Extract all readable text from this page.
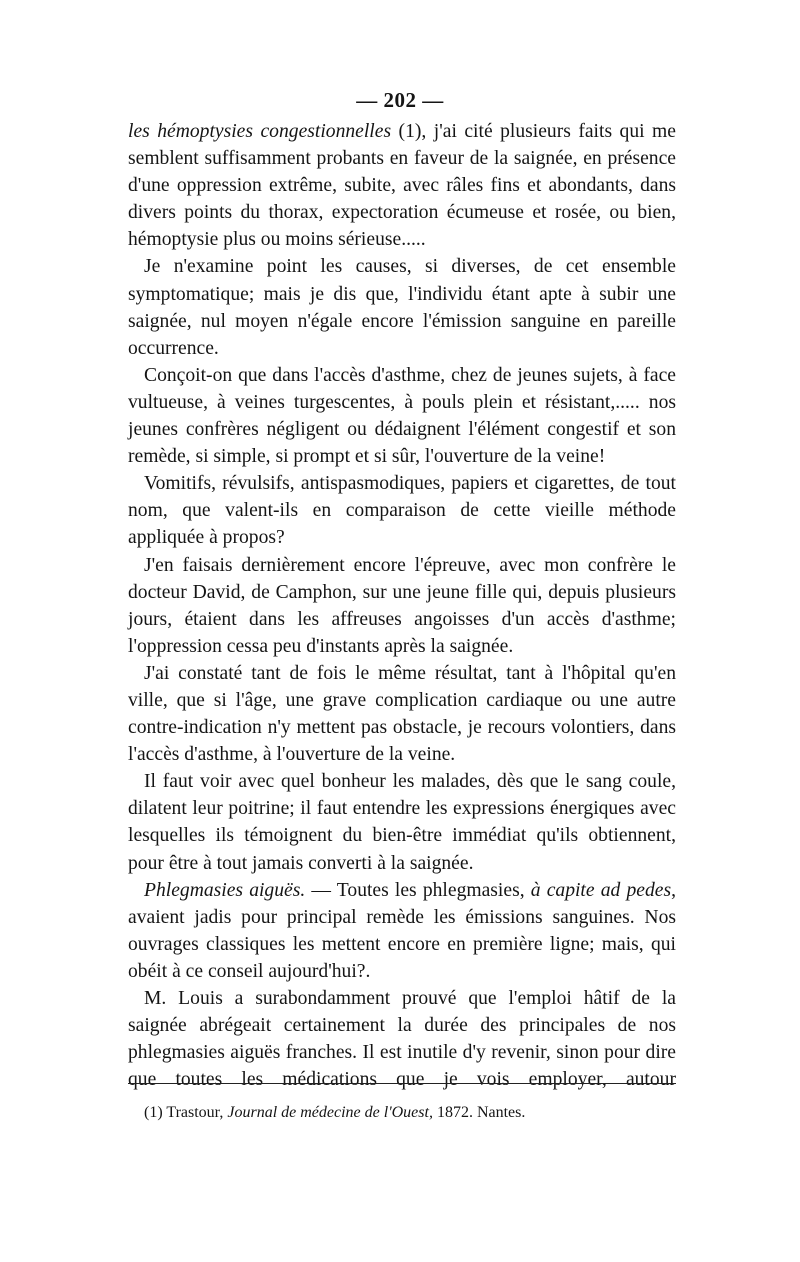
— 202 —

les hémoptysies congestionnelles (1), j'ai cité plusieurs faits qui me semblent suffisamment probants en faveur de la saignée, en présence d'une oppression extrême, subite, avec râles fins et abondants, dans divers points du thorax, expectoration écumeuse et rosée, ou bien, hémoptysie plus ou moins sérieuse.....

Je n'examine point les causes, si diverses, de cet ensemble symptomatique; mais je dis que, l'individu étant apte à subir une saignée, nul moyen n'égale encore l'émission sanguine en pareille occurrence.

Conçoit-on que dans l'accès d'asthme, chez de jeunes sujets, à face vultueuse, à veines turgescentes, à pouls plein et résistant,..... nos jeunes confrères négligent ou dédaignent l'élément congestif et son remède, si simple, si prompt et si sûr, l'ouverture de la veine!

Vomitifs, révulsifs, antispasmodiques, papiers et cigarettes, de tout nom, que valent-ils en comparaison de cette vieille méthode appliquée à propos?

J'en faisais dernièrement encore l'épreuve, avec mon confrère le docteur David, de Camphon, sur une jeune fille qui, depuis plusieurs jours, étaient dans les affreuses angoisses d'un accès d'asthme; l'oppression cessa peu d'instants après la saignée.

J'ai constaté tant de fois le même résultat, tant à l'hôpital qu'en ville, que si l'âge, une grave complication cardiaque ou une autre contre-indication n'y mettent pas obstacle, je recours volontiers, dans l'accès d'asthme, à l'ouverture de la veine.

Il faut voir avec quel bonheur les malades, dès que le sang coule, dilatent leur poitrine; il faut entendre les expressions énergiques avec lesquelles ils témoignent du bien-être immédiat qu'ils obtiennent, pour être à tout jamais converti à la saignée.

Phlegmasies aiguës. — Toutes les phlegmasies, à capite ad pedes, avaient jadis pour principal remède les émissions sanguines. Nos ouvrages classiques les mettent encore en première ligne; mais, qui obéit à ce conseil aujourd'hui?.

M. Louis a surabondamment prouvé que l'emploi hâtif de la saignée abrégeait certainement la durée des principales de nos phlegmasies aiguës franches. Il est inutile d'y revenir, sinon pour dire que toutes les médications que je vois employer, autour

(1) Trastour, Journal de médecine de l'Ouest, 1872. Nantes.
